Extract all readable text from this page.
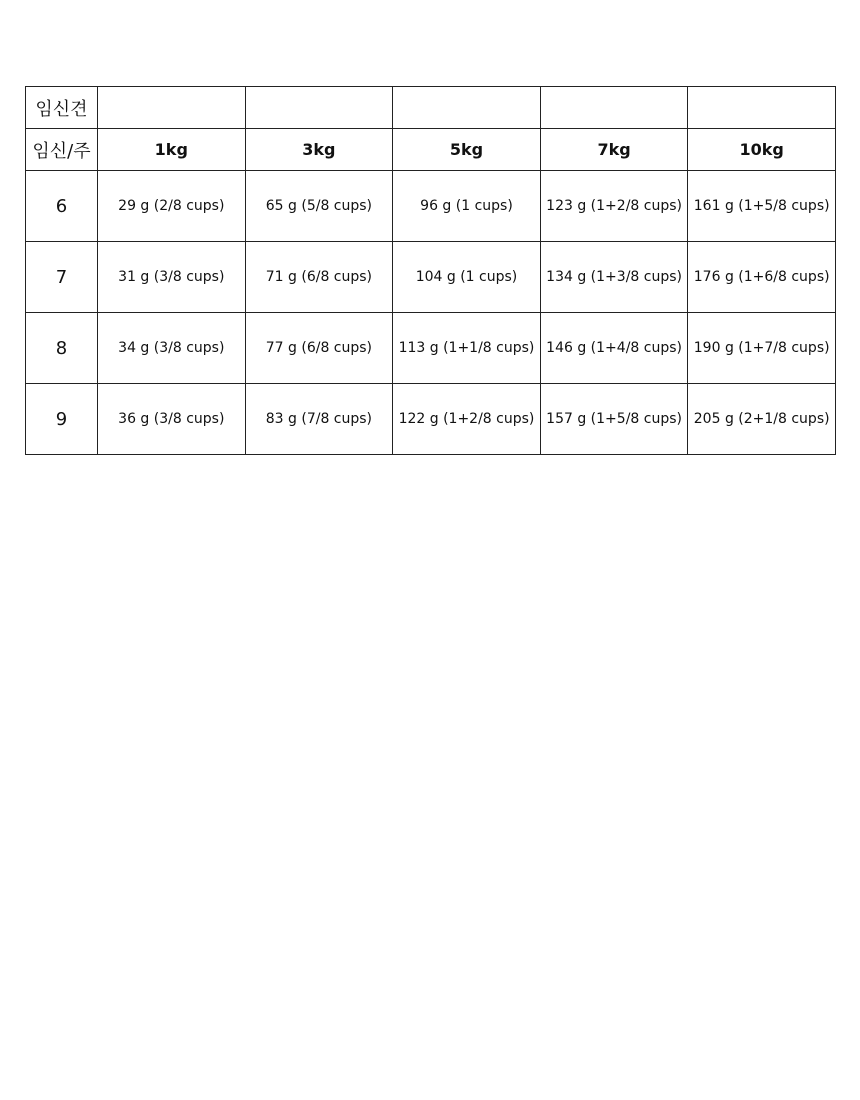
임신견					
임신/주	1kg	3kg	5kg	7kg	10kg
6	29 g (2/8 cups)	65 g (5/8 cups)	96 g (1 cups)	123 g (1+2/8 cups)	161 g (1+5/8 cups)
7	31 g (3/8 cups)	71 g (6/8 cups)	104 g (1 cups)	134 g (1+3/8 cups)	176 g (1+6/8 cups)
8	34 g (3/8 cups)	77 g (6/8 cups)	113 g (1+1/8 cups)	146 g (1+4/8 cups)	190 g (1+7/8 cups)
9	36 g (3/8 cups)	83 g (7/8 cups)	122 g (1+2/8 cups)	157 g (1+5/8 cups)	205 g (2+1/8 cups)
